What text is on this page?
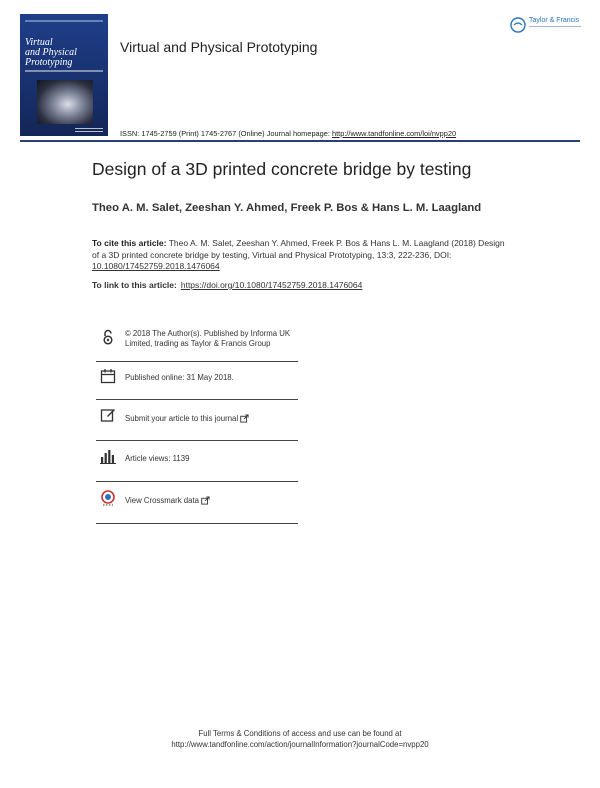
Virtual
and Physical
Prototyping
Virtual and Physical Prototyping
Taylor & Francis
ISSN: 1745-2759 (Print) 1745-2767 (Online) Journal homepage: http://www.tandfonline.com/loi/nvpp20
Design of a 3D printed concrete bridge by testing
Theo A. M. Salet, Zeeshan Y. Ahmed, Freek P. Bos & Hans L. M. Laagland
To cite this article: Theo A. M. Salet, Zeeshan Y. Ahmed, Freek P. Bos & Hans L. M. Laagland (2018) Design of a 3D printed concrete bridge by testing, Virtual and Physical Prototyping, 13:3, 222-236, DOI: 10.1080/17452759.2018.1476064
To link to this article: https://doi.org/10.1080/17452759.2018.1476064
© 2018 The Author(s). Published by Informa UK Limited, trading as Taylor & Francis Group
Published online: 31 May 2018.
Submit your article to this journal
Article views: 1139
View Crossmark data
Full Terms & Conditions of access and use can be found at
http://www.tandfonline.com/action/journalInformation?journalCode=nvpp20
